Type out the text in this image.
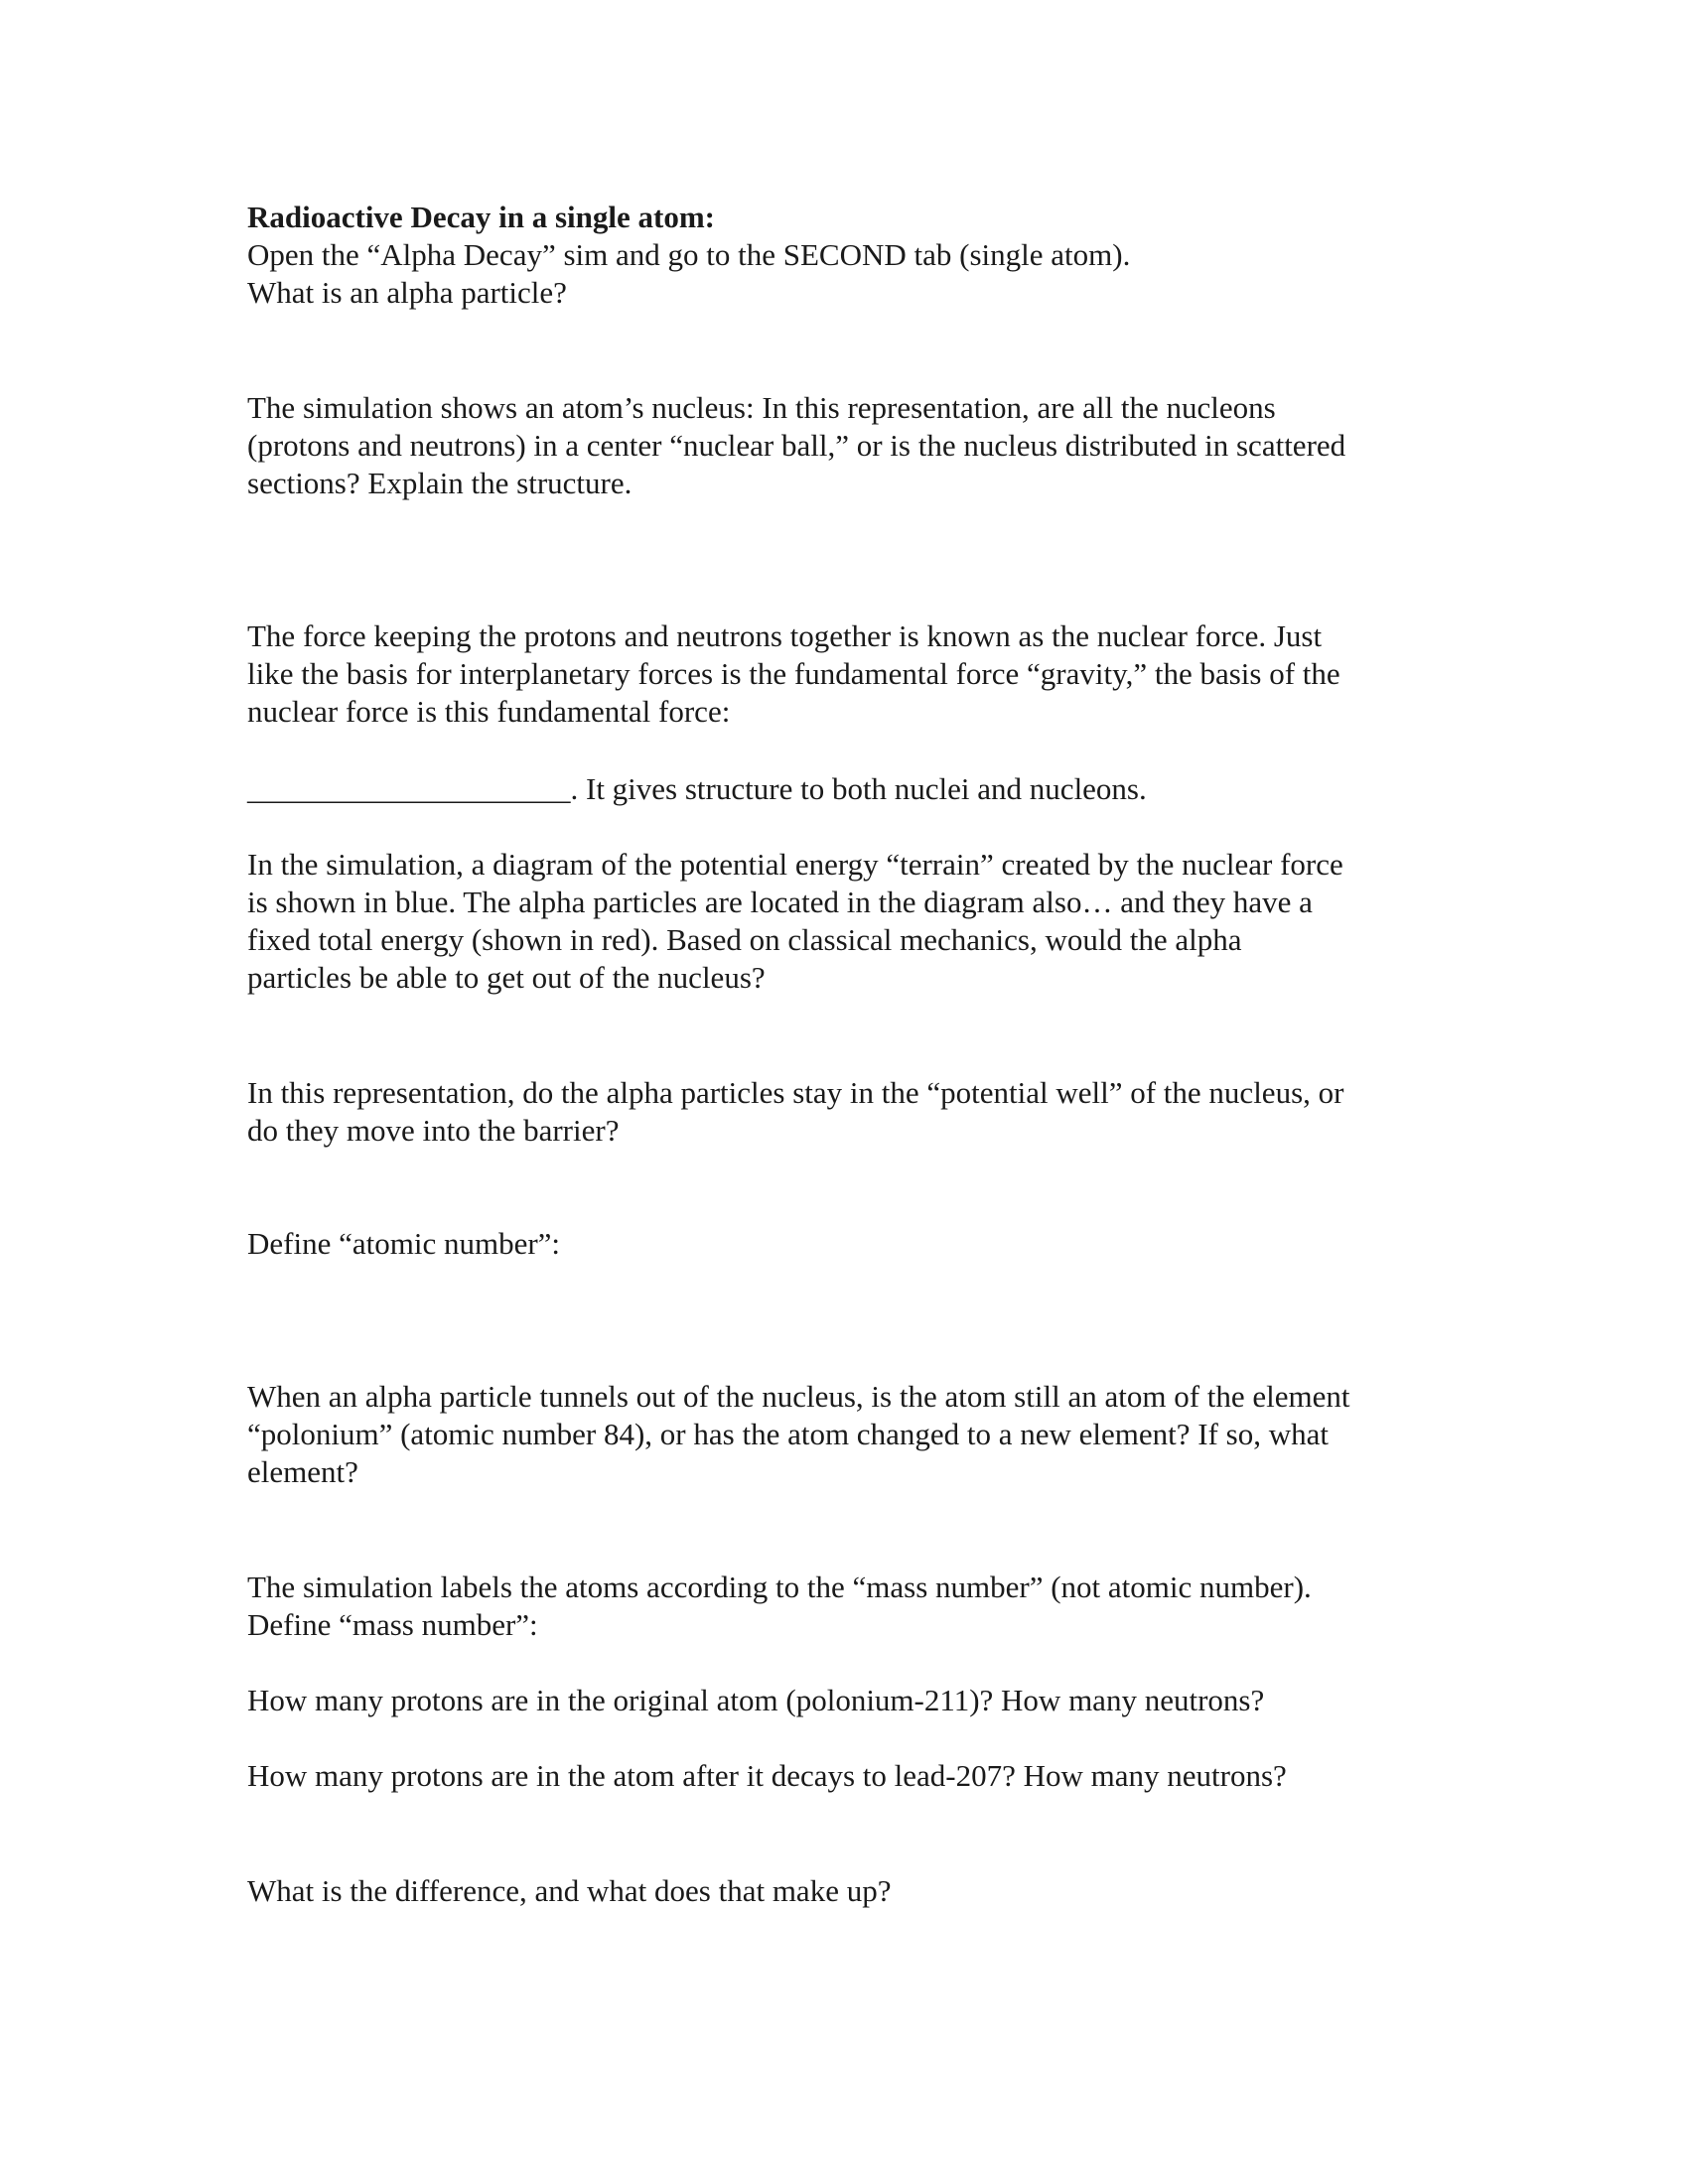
Radioactive Decay in a single atom:
Open the “Alpha Decay” sim and go to the SECOND tab (single atom).
What is an alpha particle?
The simulation shows an atom’s nucleus: In this representation, are all the nucleons
(protons and neutrons) in a center “nuclear ball,” or is the nucleus distributed in scattered
sections? Explain the structure.
The force keeping the protons and neutrons together is known as the nuclear force. Just
like the basis for interplanetary forces is the fundamental force “gravity,” the basis of the
nuclear force is this fundamental force:
_____________________. It gives structure to both nuclei and nucleons.
In the simulation, a diagram of the potential energy “terrain” created by the nuclear force
is shown in blue. The alpha particles are located in the diagram also… and they have a
fixed total energy (shown in red). Based on classical mechanics, would the alpha
particles be able to get out of the nucleus?
In this representation, do the alpha particles stay in the “potential well” of the nucleus, or
do they move into the barrier?
Define “atomic number”:
When an alpha particle tunnels out of the nucleus, is the atom still an atom of the element
“polonium” (atomic number 84), or has the atom changed to a new element? If so, what
element?
The simulation labels the atoms according to the “mass number” (not atomic number).
Define “mass number”:
How many protons are in the original atom (polonium-211)? How many neutrons?
How many protons are in the atom after it decays to lead-207? How many neutrons?
What is the difference, and what does that make up?
